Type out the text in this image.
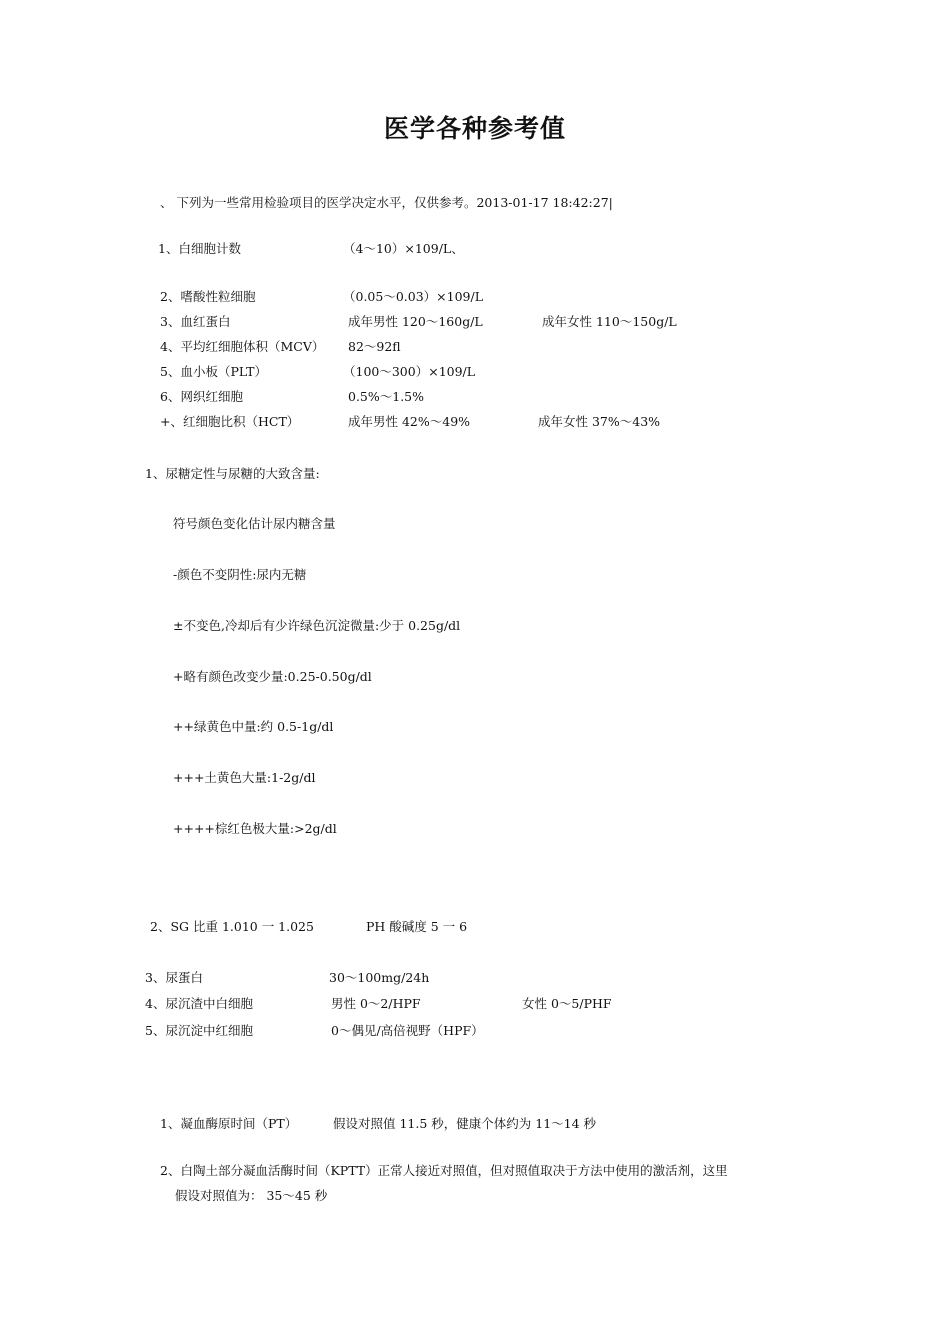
医学各种参考值
、 下列为一些常用检验项目的医学决定水平，仅供参考。2013-01-17 18:42:27|
1、白细胞计数	（4～10）×109/L、
2、嗜酸性粒细胞	（0.05～0.03）×109/L
3、血红蛋白	成年男性 120～160g/L	成年女性 110～150g/L
4、平均红细胞体积（MCV） 82～92fl
5、血小板（PLT）	（100～300）×109/L
6、网织红细胞	0.5%～1.5%
+、红细胞比积（HCT）	成年男性 42%～49%	成年女性 37%～43%
1、尿糖定性与尿糖的大致含量:
符号颜色变化估计尿内糖含量
-颜色不变阴性:尿内无糖
±不变色,冷却后有少许绿色沉淀微量:少于 0.25g/dl
+略有颜色改变少量:0.25-0.50g/dl
++绿黄色中量:约 0.5-1g/dl
+++土黄色大量:1-2g/dl
++++棕红色极大量:>2g/dl
2、SG 比重 1.010 一 1.025	PH 酸碱度 5 一 6
3、尿蛋白	30～100mg/24h
4、尿沉渣中白细胞	男性 0～2/HPF	女性 0～5/PHF
5、尿沉淀中红细胞	0～偶见/高倍视野（HPF）
1、凝血酶原时间（PT）	假设对照值 11.5 秒，健康个体约为 11～14 秒
2、白陶土部分凝血活酶时间（KPTT）正常人接近对照值，但对照值取决于方法中使用的激活剂，这里
假设对照值为： 35～45 秒
